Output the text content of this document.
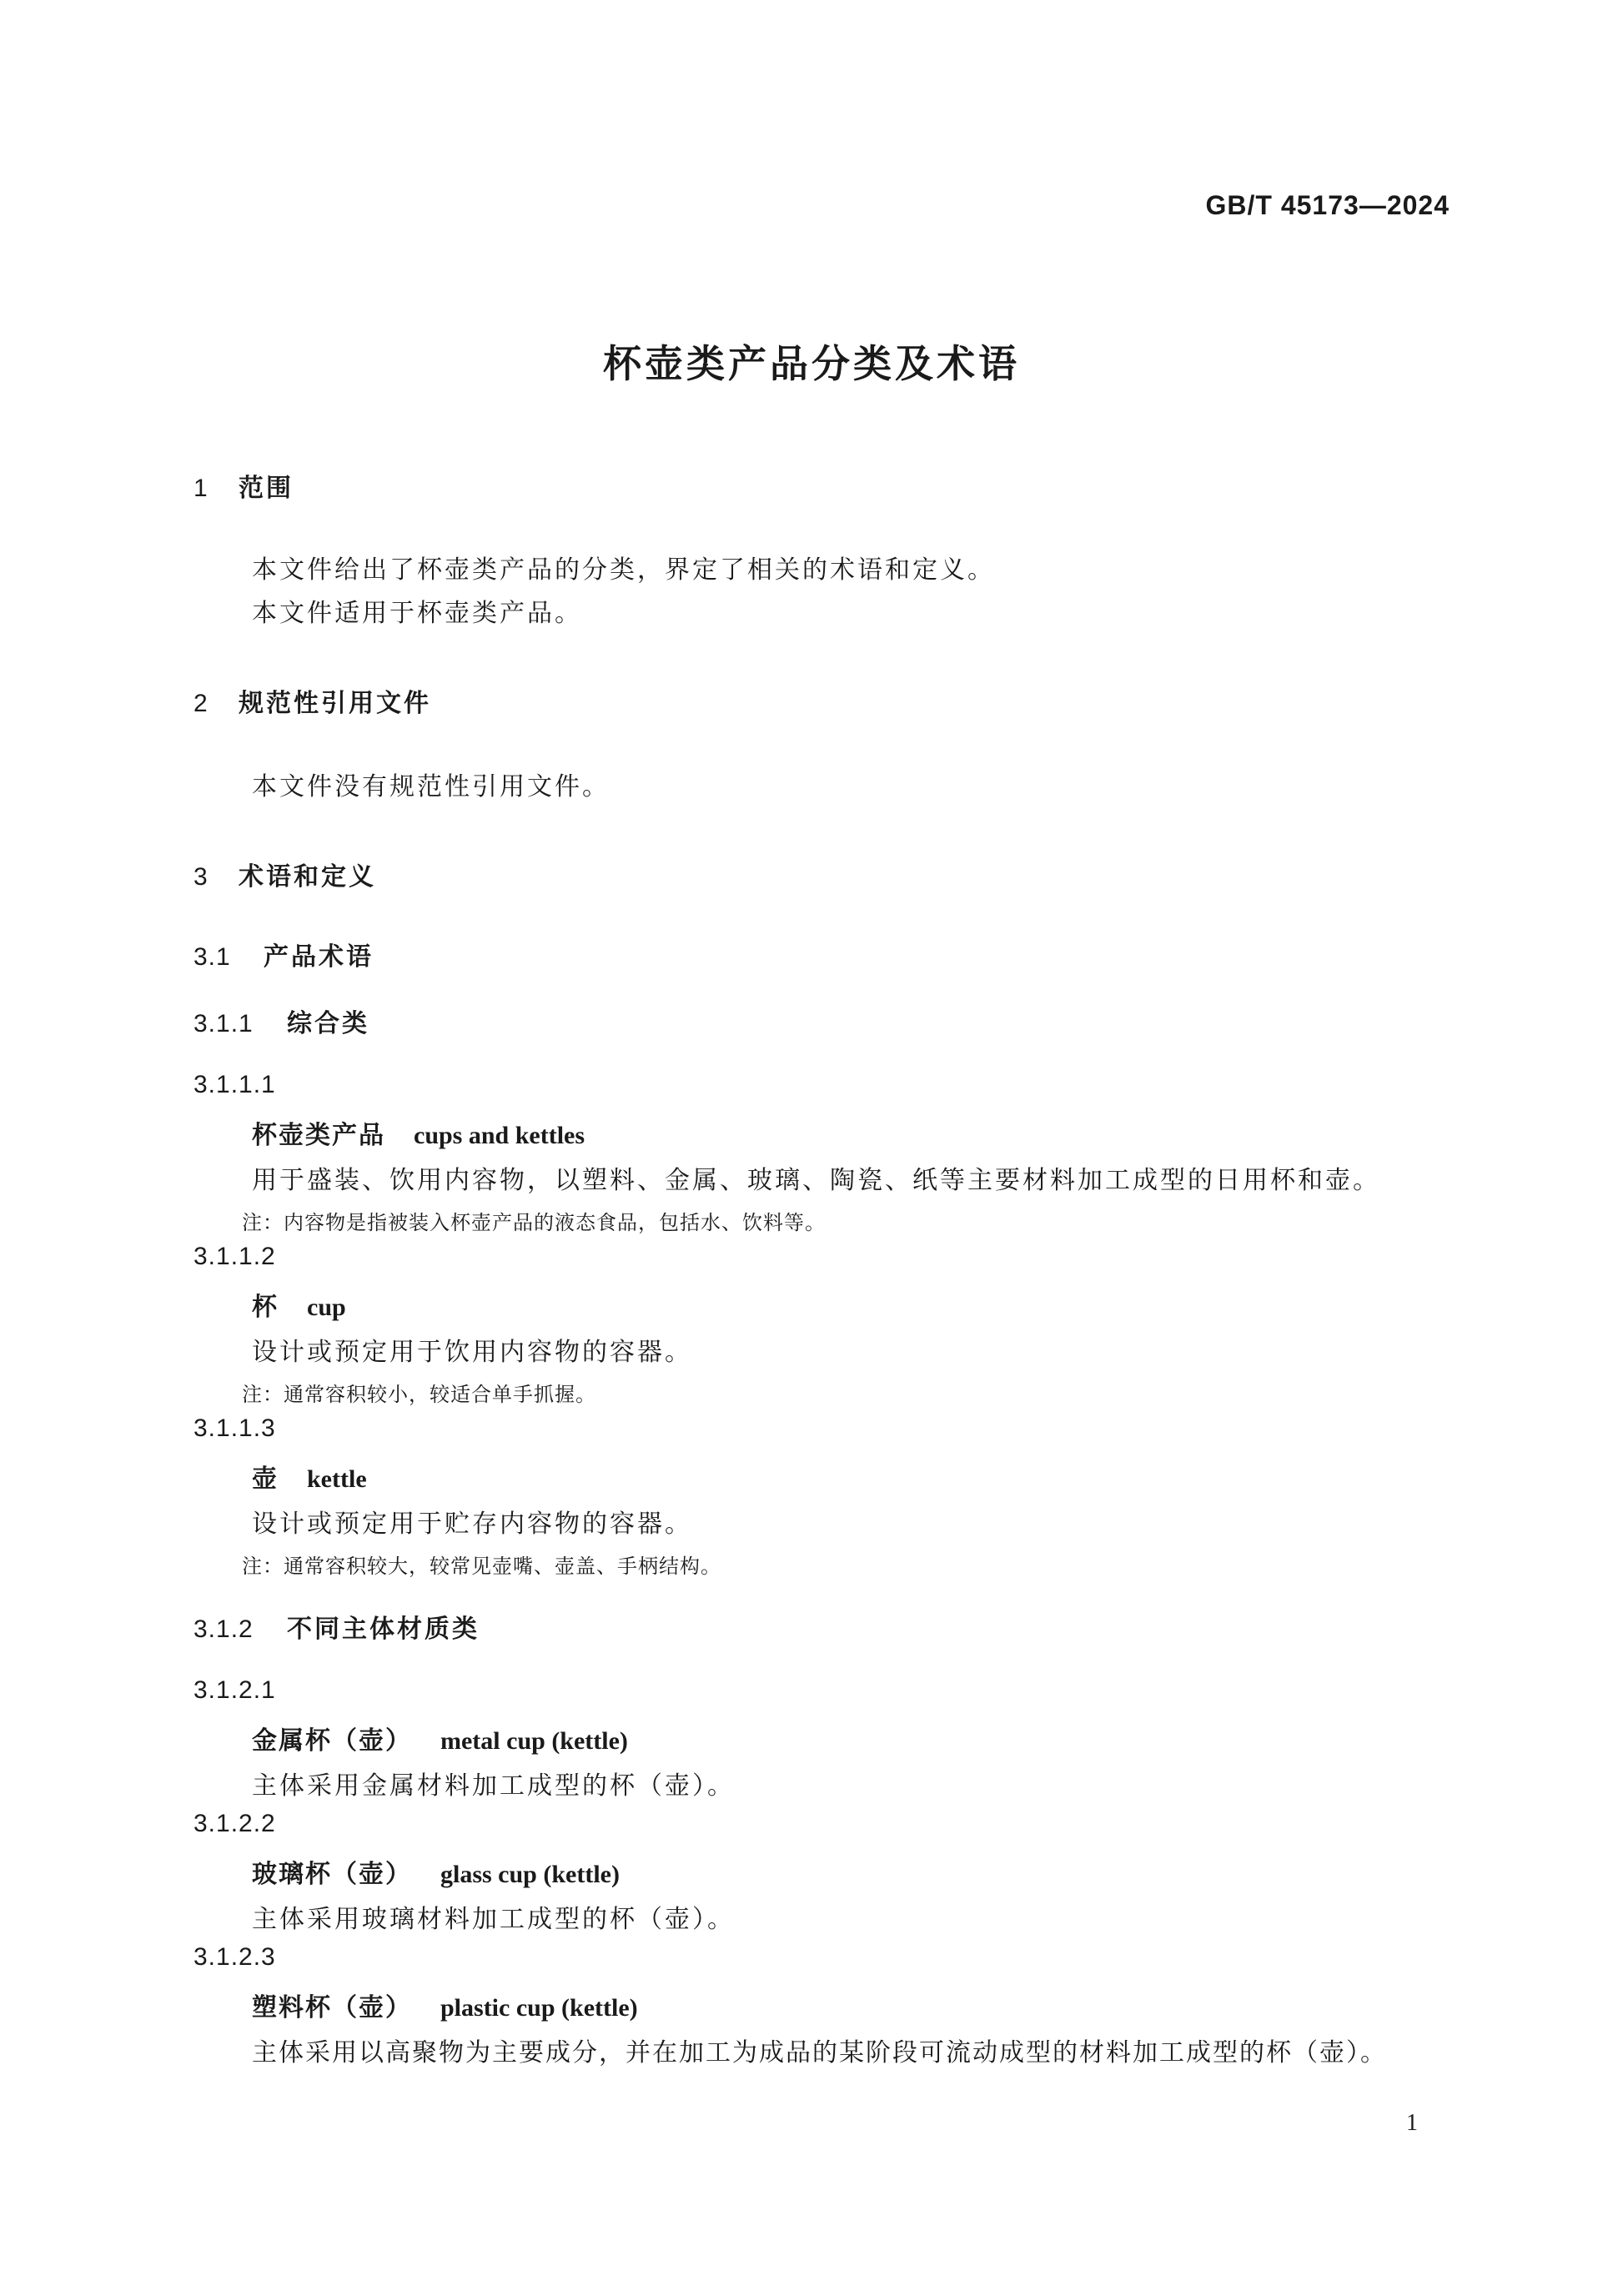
GB/T 45173—2024
杯壶类产品分类及术语
1 范围
本文件给出了杯壶类产品的分类，界定了相关的术语和定义。
本文件适用于杯壶类产品。
2 规范性引用文件
本文件没有规范性引用文件。
3 术语和定义
3.1 产品术语
3.1.1 综合类
3.1.1.1
杯壶类产品 cups and kettles
用于盛装、饮用内容物，以塑料、金属、玻璃、陶瓷、纸等主要材料加工成型的日用杯和壶。
注：内容物是指被装入杯壶产品的液态食品，包括水、饮料等。
3.1.1.2
杯 cup
设计或预定用于饮用内容物的容器。
注：通常容积较小，较适合单手抓握。
3.1.1.3
壶 kettle
设计或预定用于贮存内容物的容器。
注：通常容积较大，较常见壶嘴、壶盖、手柄结构。
3.1.2 不同主体材质类
3.1.2.1
金属杯（壶） metal cup (kettle)
主体采用金属材料加工成型的杯（壶）。
3.1.2.2
玻璃杯（壶） glass cup (kettle)
主体采用玻璃材料加工成型的杯（壶）。
3.1.2.3
塑料杯（壶） plastic cup (kettle)
主体采用以高聚物为主要成分，并在加工为成品的某阶段可流动成型的材料加工成型的杯（壶）。
1
